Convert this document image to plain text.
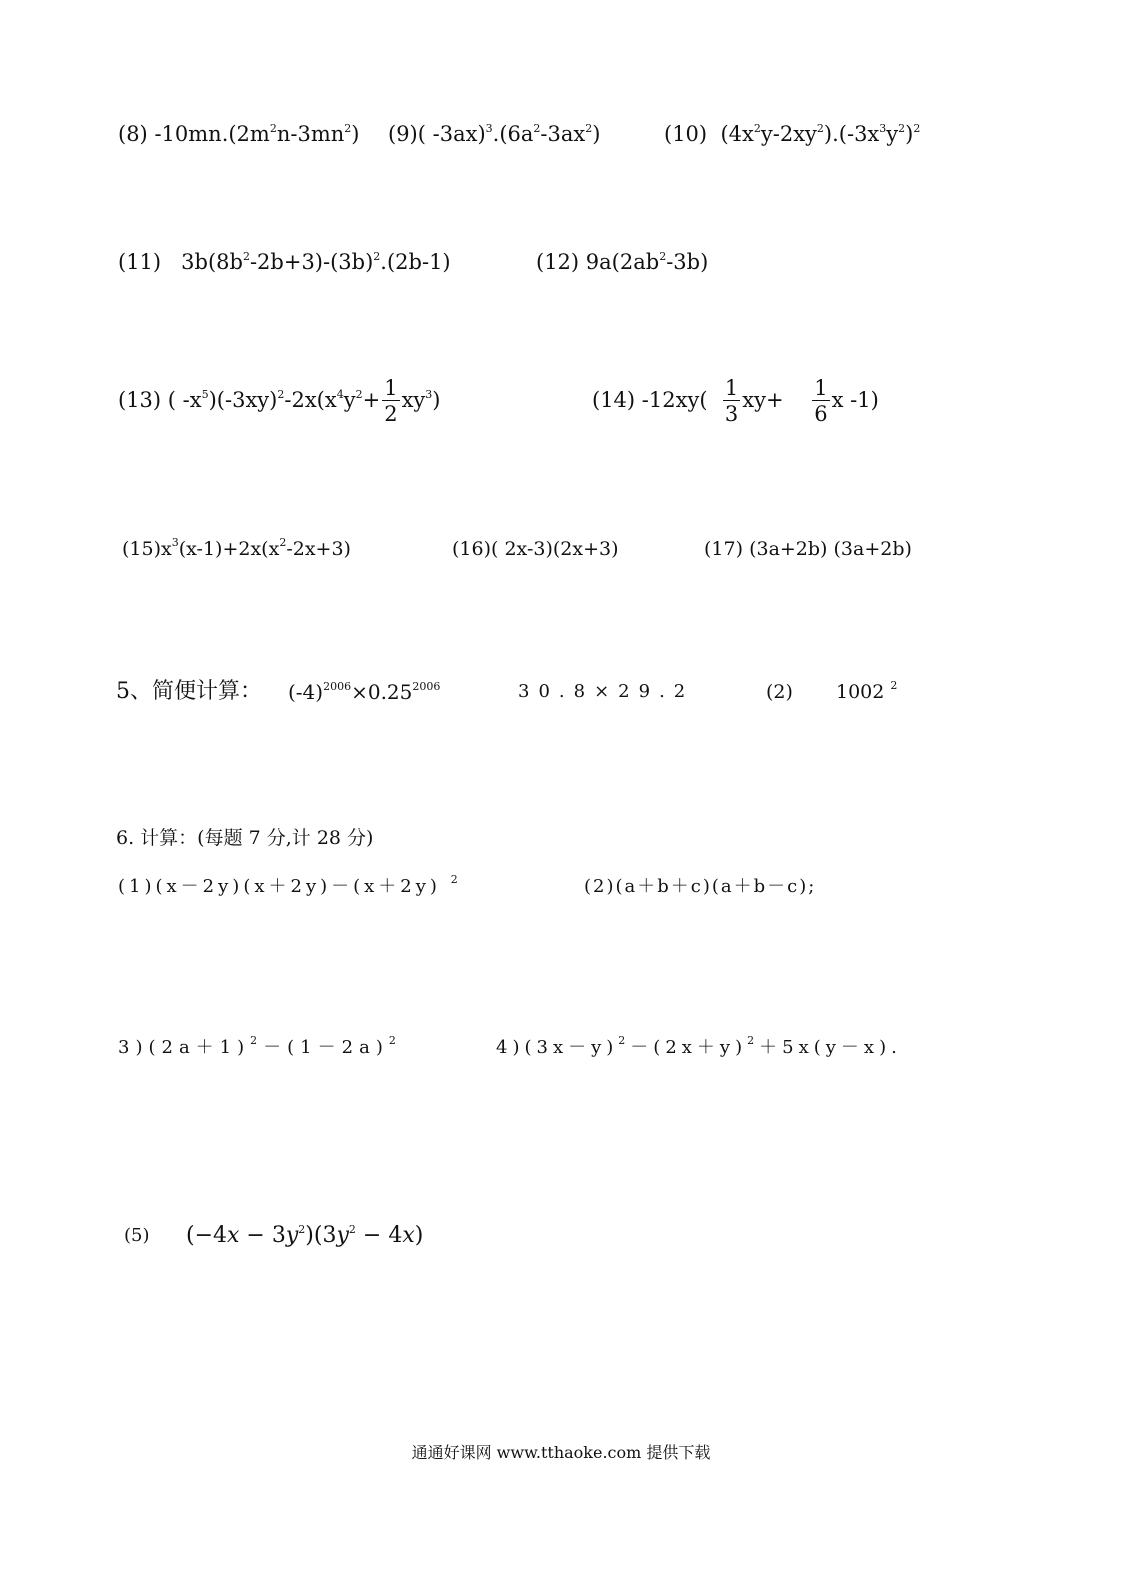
(8) $-10mn.(2m^2n-3mn^2)$ (9)( $-3ax)^3.(6a^2-3ax^2)$	(10) $(4x^2y-2xy^2).(-3x^3y^2)^2$
(11) $3b(8b^2-2b+3)-(3b)^2.(2b-1)$	(12) $9a(2ab^2-3b)$
(13) ( $-x^5)(-3xy)^2-2x(x^4y^2+ \frac{1}{2} xy^3)$	(14) $-12xy( \frac{1}{3} xy+ \frac{1}{6}$ x -1)
$(15)x^3(x-1)+2x(x^2-2x+3)$	(16)( 2x-3)(2x+3)	(17) (3a+2b) (3a+2b)
5、简便计算： $(-4)^{2006}\times 0.25^{2006}$	30.8×29.2	(2) 1002 $^2$
6. 计算：(每题 7 分,计 28 分)
(1)(x－2y)(x＋2y)－(x＋2y) $^2$	(2)(a＋b＋c)(a＋b－c);
$3)(2a+1)^2-(1-2a)^2$	$4)(3x-y)^2-(2x+y)^2+5x(y-x)$.
(5) $(-4x - 3y^2)(3y^2 - 4x)$
通通好课网 www.tthaoke.com 提供下载
